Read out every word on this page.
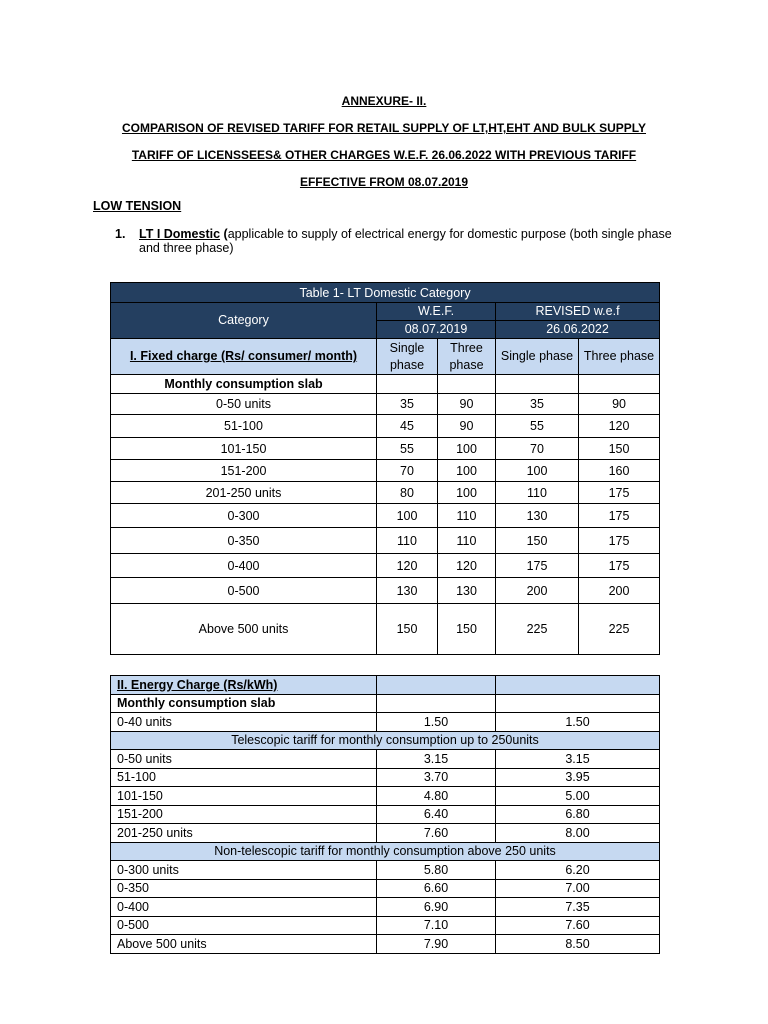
ANNEXURE- II.
COMPARISON OF REVISED TARIFF FOR RETAIL SUPPLY OF LT,HT,EHT AND BULK SUPPLY
TARIFF OF LICENSSEES& OTHER CHARGES W.E.F. 26.06.2022 WITH PREVIOUS TARIFF
EFFECTIVE FROM 08.07.2019
LOW TENSION
1. LT I Domestic (applicable to supply of electrical energy for domestic purpose (both single phase and three phase)
Table 1- LT Domestic Category				
Category	W.E.F.		REVISED w.e.f	
	08.07.2019		26.06.2022	
I. Fixed charge (Rs/ consumer/ month)	Single phase	Three phase	Single phase	Three phase
Monthly consumption slab				
0-50 units	35	90	35	90
51-100	45	90	55	120
101-150	55	100	70	150
151-200	70	100	100	160
201-250 units	80	100	110	175
0-300	100	110	130	175
0-350	110	110	150	175
0-400	120	120	175	175
0-500	130	130	200	200
Above 500 units	150	150	225	225
II. Energy Charge (Rs/kWh)		
Monthly consumption slab		
0-40 units	1.50	1.50
Telescopic tariff for monthly consumption up to 250units		
0-50 units	3.15	3.15
51-100	3.70	3.95
101-150	4.80	5.00
151-200	6.40	6.80
201-250 units	7.60	8.00
Non-telescopic tariff for monthly consumption above 250 units		
0-300 units	5.80	6.20
0-350	6.60	7.00
0-400	6.90	7.35
0-500	7.10	7.60
Above 500 units	7.90	8.50
